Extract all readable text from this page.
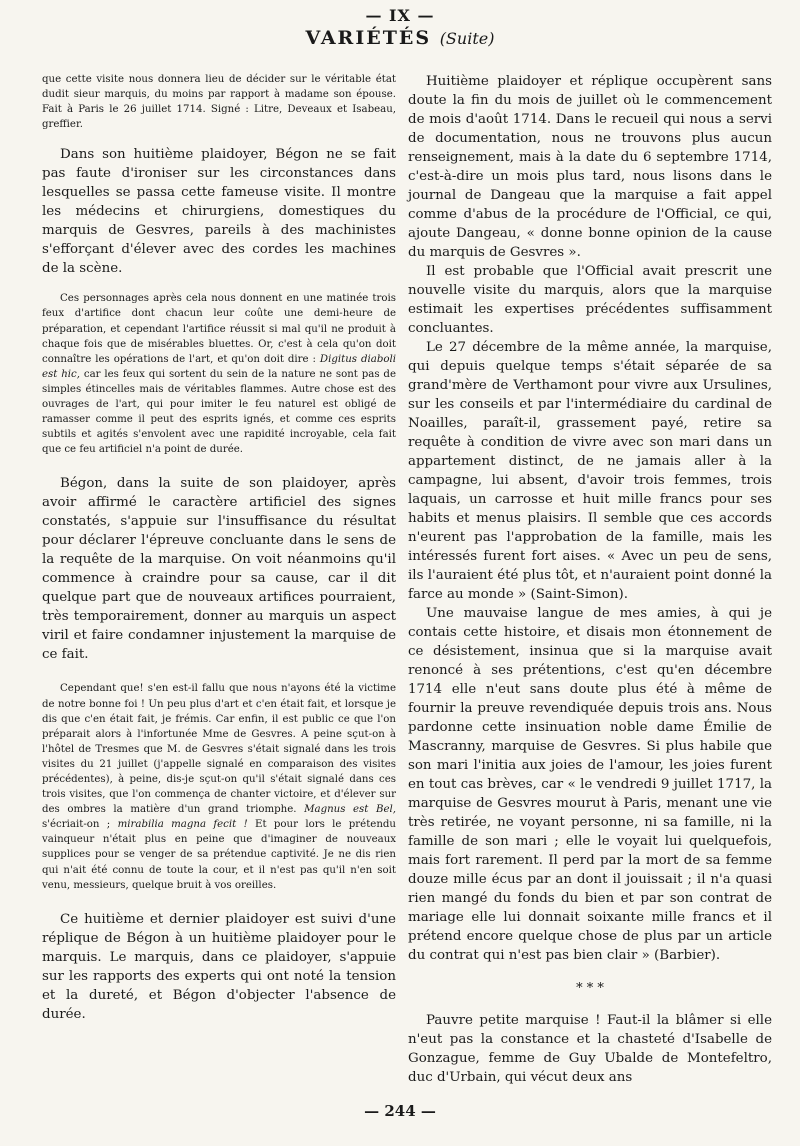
— IX —
VARIÉTÉS (Suite)

que cette visite nous donnera lieu de décider sur le véritable état dudit sieur marquis, du moins par rapport à madame son épouse. Fait à Paris le 26 juillet 1714. Signé : Litre, Deveaux et Isabeau, greffier.

Dans son huitième plaidoyer, Bégon ne se fait pas faute d'ironiser sur les circonstances dans lesquelles se passa cette fameuse visite. Il montre les médecins et chirurgiens, domestiques du marquis de Gesvres, pareils à des machinistes s'efforçant d'élever avec des cordes les machines de la scène.

Ces personnages après cela nous donnent en une matinée trois feux d'artifice dont chacun leur coûte une demi-heure de préparation, et cependant l'artifice réussit si mal qu'il ne produit à chaque fois que de misérables bluettes. Or, c'est à cela qu'on doit connaître les opérations de l'art, et qu'on doit dire : Digitus diaboli est hic, car les feux qui sortent du sein de la nature ne sont pas de simples étincelles mais de véritables flammes. Autre chose est des ouvrages de l'art, qui pour imiter le feu naturel est obligé de ramasser comme il peut des esprits ignés, et comme ces esprits subtils et agités s'envolent avec une rapidité incroyable, cela fait que ce feu artificiel n'a point de durée.

Bégon, dans la suite de son plaidoyer, après avoir affirmé le caractère artificiel des signes constatés, s'appuie sur l'insuffisance du résultat pour déclarer l'épreuve concluante dans le sens de la requête de la marquise. On voit néanmoins qu'il commence à craindre pour sa cause, car il dit quelque part que de nouveaux artifices pourraient, très temporairement, donner au marquis un aspect viril et faire condamner injustement la marquise de ce fait.

Cependant que! s'en est-il fallu que nous n'ayons été la victime de notre bonne foi ! Un peu plus d'art et c'en était fait, et lorsque je dis que c'en était fait, je frémis. Car enfin, il est public ce que l'on préparait alors à l'infortunée Mme de Gesvres. A peine sçut-on à l'hôtel de Tresmes que M. de Gesvres s'était signalé dans les trois visites du 21 juillet (j'appelle signalé en comparaison des visites précédentes), à peine, dis-je sçut-on qu'il s'était signalé dans ces trois visites, que l'on commença de chanter victoire, et d'élever sur des ombres la matière d'un grand triomphe. Magnus est Bel, s'écriait-on ; mirabilia magna fecit ! Et pour lors le prétendu vainqueur n'était plus en peine que d'imaginer de nouveaux supplices pour se venger de sa prétendue captivité. Je ne dis rien qui n'ait été connu de toute la cour, et il n'est pas qu'il n'en soit venu, messieurs, quelque bruit à vos oreilles.

Ce huitième et dernier plaidoyer est suivi d'une réplique de Bégon à un huitième plaidoyer pour le marquis. Le marquis, dans ce plaidoyer, s'appuie sur les rapports des experts qui ont noté la tension et la dureté, et Bégon d'objecter l'absence de durée.

Huitième plaidoyer et réplique occupèrent sans doute la fin du mois de juillet où le commencement de mois d'août 1714. Dans le recueil qui nous a servi de documentation, nous ne trouvons plus aucun renseignement, mais à la date du 6 septembre 1714, c'est-à-dire un mois plus tard, nous lisons dans le journal de Dangeau que la marquise a fait appel comme d'abus de la procédure de l'Official, ce qui, ajoute Dangeau, « donne bonne opinion de la cause du marquis de Gesvres ».

Il est probable que l'Official avait prescrit une nouvelle visite du marquis, alors que la marquise estimait les expertises précédentes suffisamment concluantes.

Le 27 décembre de la même année, la marquise, qui depuis quelque temps s'était séparée de sa grand'mère de Verthamont pour vivre aux Ursulines, sur les conseils et par l'intermédiaire du cardinal de Noailles, paraît-il, grassement payé, retire sa requête à condition de vivre avec son mari dans un appartement distinct, de ne jamais aller à la campagne, lui absent, d'avoir trois femmes, trois laquais, un carrosse et huit mille francs pour ses habits et menus plaisirs. Il semble que ces accords n'eurent pas l'approbation de la famille, mais les intéressés furent fort aises. « Avec un peu de sens, ils l'auraient été plus tôt, et n'auraient point donné la farce au monde » (Saint-Simon).

Une mauvaise langue de mes amies, à qui je contais cette histoire, et disais mon étonnement de ce désistement, insinua que si la marquise avait renoncé à ses prétentions, c'est qu'en décembre 1714 elle n'eut sans doute plus été à même de fournir la preuve revendiquée depuis trois ans. Nous pardonne cette insinuation noble dame Émilie de Mascranny, marquise de Gesvres. Si plus habile que son mari l'initia aux joies de l'amour, les joies furent en tout cas brèves, car « le vendredi 9 juillet 1717, la marquise de Gesvres mourut à Paris, menant une vie très retirée, ne voyant personne, ni sa famille, ni la famille de son mari ; elle le voyait lui quelquefois, mais fort rarement. Il perd par la mort de sa femme douze mille écus par an dont il jouissait ; il n'a quasi rien mangé du fonds du bien et par son contrat de mariage elle lui donnait soixante mille francs et il prétend encore quelque chose de plus par un article du contrat qui n'est pas bien clair » (Barbier).

* * *

Pauvre petite marquise ! Faut-il la blâmer si elle n'eut pas la constance et la chasteté d'Isabelle de Gonzague, femme de Guy Ubalde de Montefeltro, duc d'Urbain, qui vécut deux ans

— 244 —
